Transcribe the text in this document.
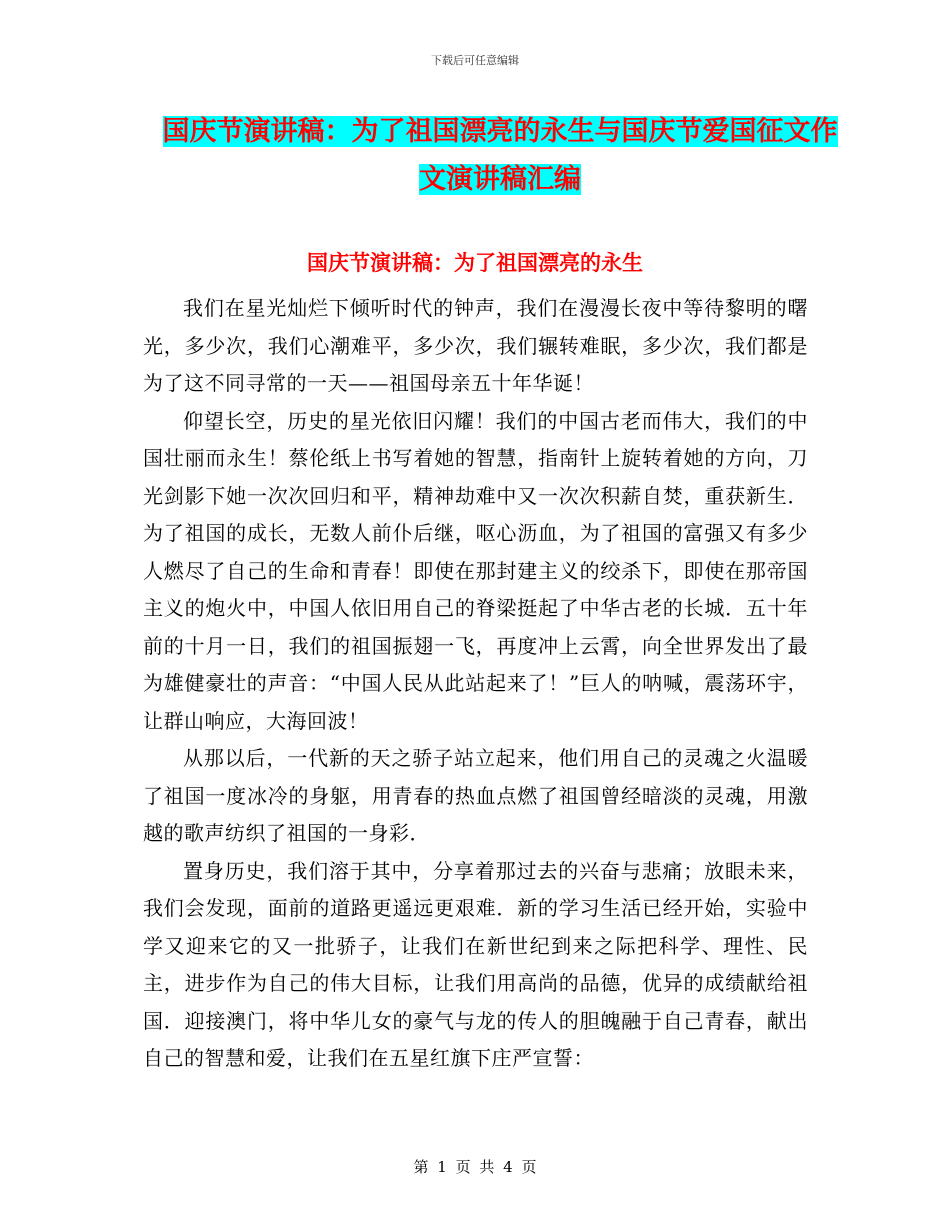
下载后可任意编辑
国庆节演讲稿：为了祖国漂亮的永生与国庆节爱国征文作文演讲稿汇编
国庆节演讲稿：为了祖国漂亮的永生

我们在星光灿烂下倾听时代的钟声，我们在漫漫长夜中等待黎明的曙光，多少次，我们心潮难平，多少次，我们辗转难眠，多少次，我们都是为了这不同寻常的一天——祖国母亲五十年华诞！

仰望长空，历史的星光依旧闪耀！我们的中国古老而伟大，我们的中国壮丽而永生！蔡伦纸上书写着她的智慧，指南针上旋转着她的方向，刀光剑影下她一次次回归和平，精神劫难中又一次次积薪自焚，重获新生．为了祖国的成长，无数人前仆后继，呕心沥血，为了祖国的富强又有多少人燃尽了自己的生命和青春！即使在那封建主义的绞杀下，即使在那帝国主义的炮火中，中国人依旧用自己的脊梁挺起了中华古老的长城．五十年前的十月一日，我们的祖国振翅一飞，再度冲上云霄，向全世界发出了最为雄健豪壮的声音：“中国人民从此站起来了！”巨人的呐喊，震荡环宇，让群山响应，大海回波！

从那以后，一代新的天之骄子站立起来，他们用自己的灵魂之火温暖了祖国一度冰冷的身躯，用青春的热血点燃了祖国曾经暗淡的灵魂，用激越的歌声纺织了祖国的一身彩．

置身历史，我们溶于其中，分享着那过去的兴奋与悲痛；放眼未来，我们会发现，面前的道路更遥远更艰难．新的学习生活已经开始，实验中学又迎来它的又一批骄子，让我们在新世纪到来之际把科学、理性、民主，进步作为自己的伟大目标，让我们用高尚的品德，优异的成绩献给祖国．迎接澳门，将中华儿女的豪气与龙的传人的胆魄融于自己青春，献出自己的智慧和爱，让我们在五星红旗下庄严宣誓：

第 1 页 共 4 页
